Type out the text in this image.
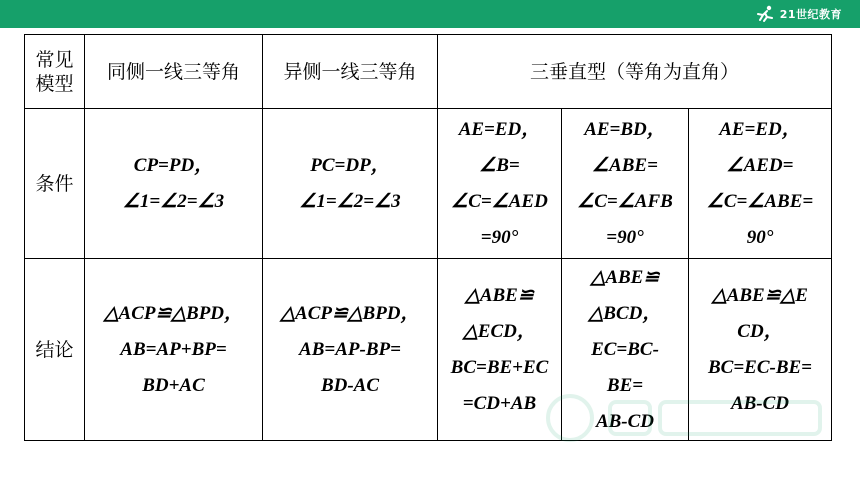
21世纪教育
常见
模型	同侧一线三等角	异侧一线三等角	三垂直型（等角为直角）		
条件	CP=PD，
∠1=∠2=∠3	PC=DP，
∠1=∠2=∠3	AE=ED，
∠B=
∠C=∠AED
=90°	AE=BD，
∠ABE=
∠C=∠AFB
=90°	AE=ED，
∠AED=
∠C=∠ABE=
90°

结论	△ACP≌△BPD，
AB=AP+BP=
BD+AC	△ACP≌△BPD，
AB=AP-BP=
BD-AC	△ABE≌
△ECD，
BC=BE+EC
=CD+AB	△ABE≌
△BCD，
EC=BC-
BE=
AB-CD	△ABE≌△E
CD，
BC=EC-BE=
AB-CD
